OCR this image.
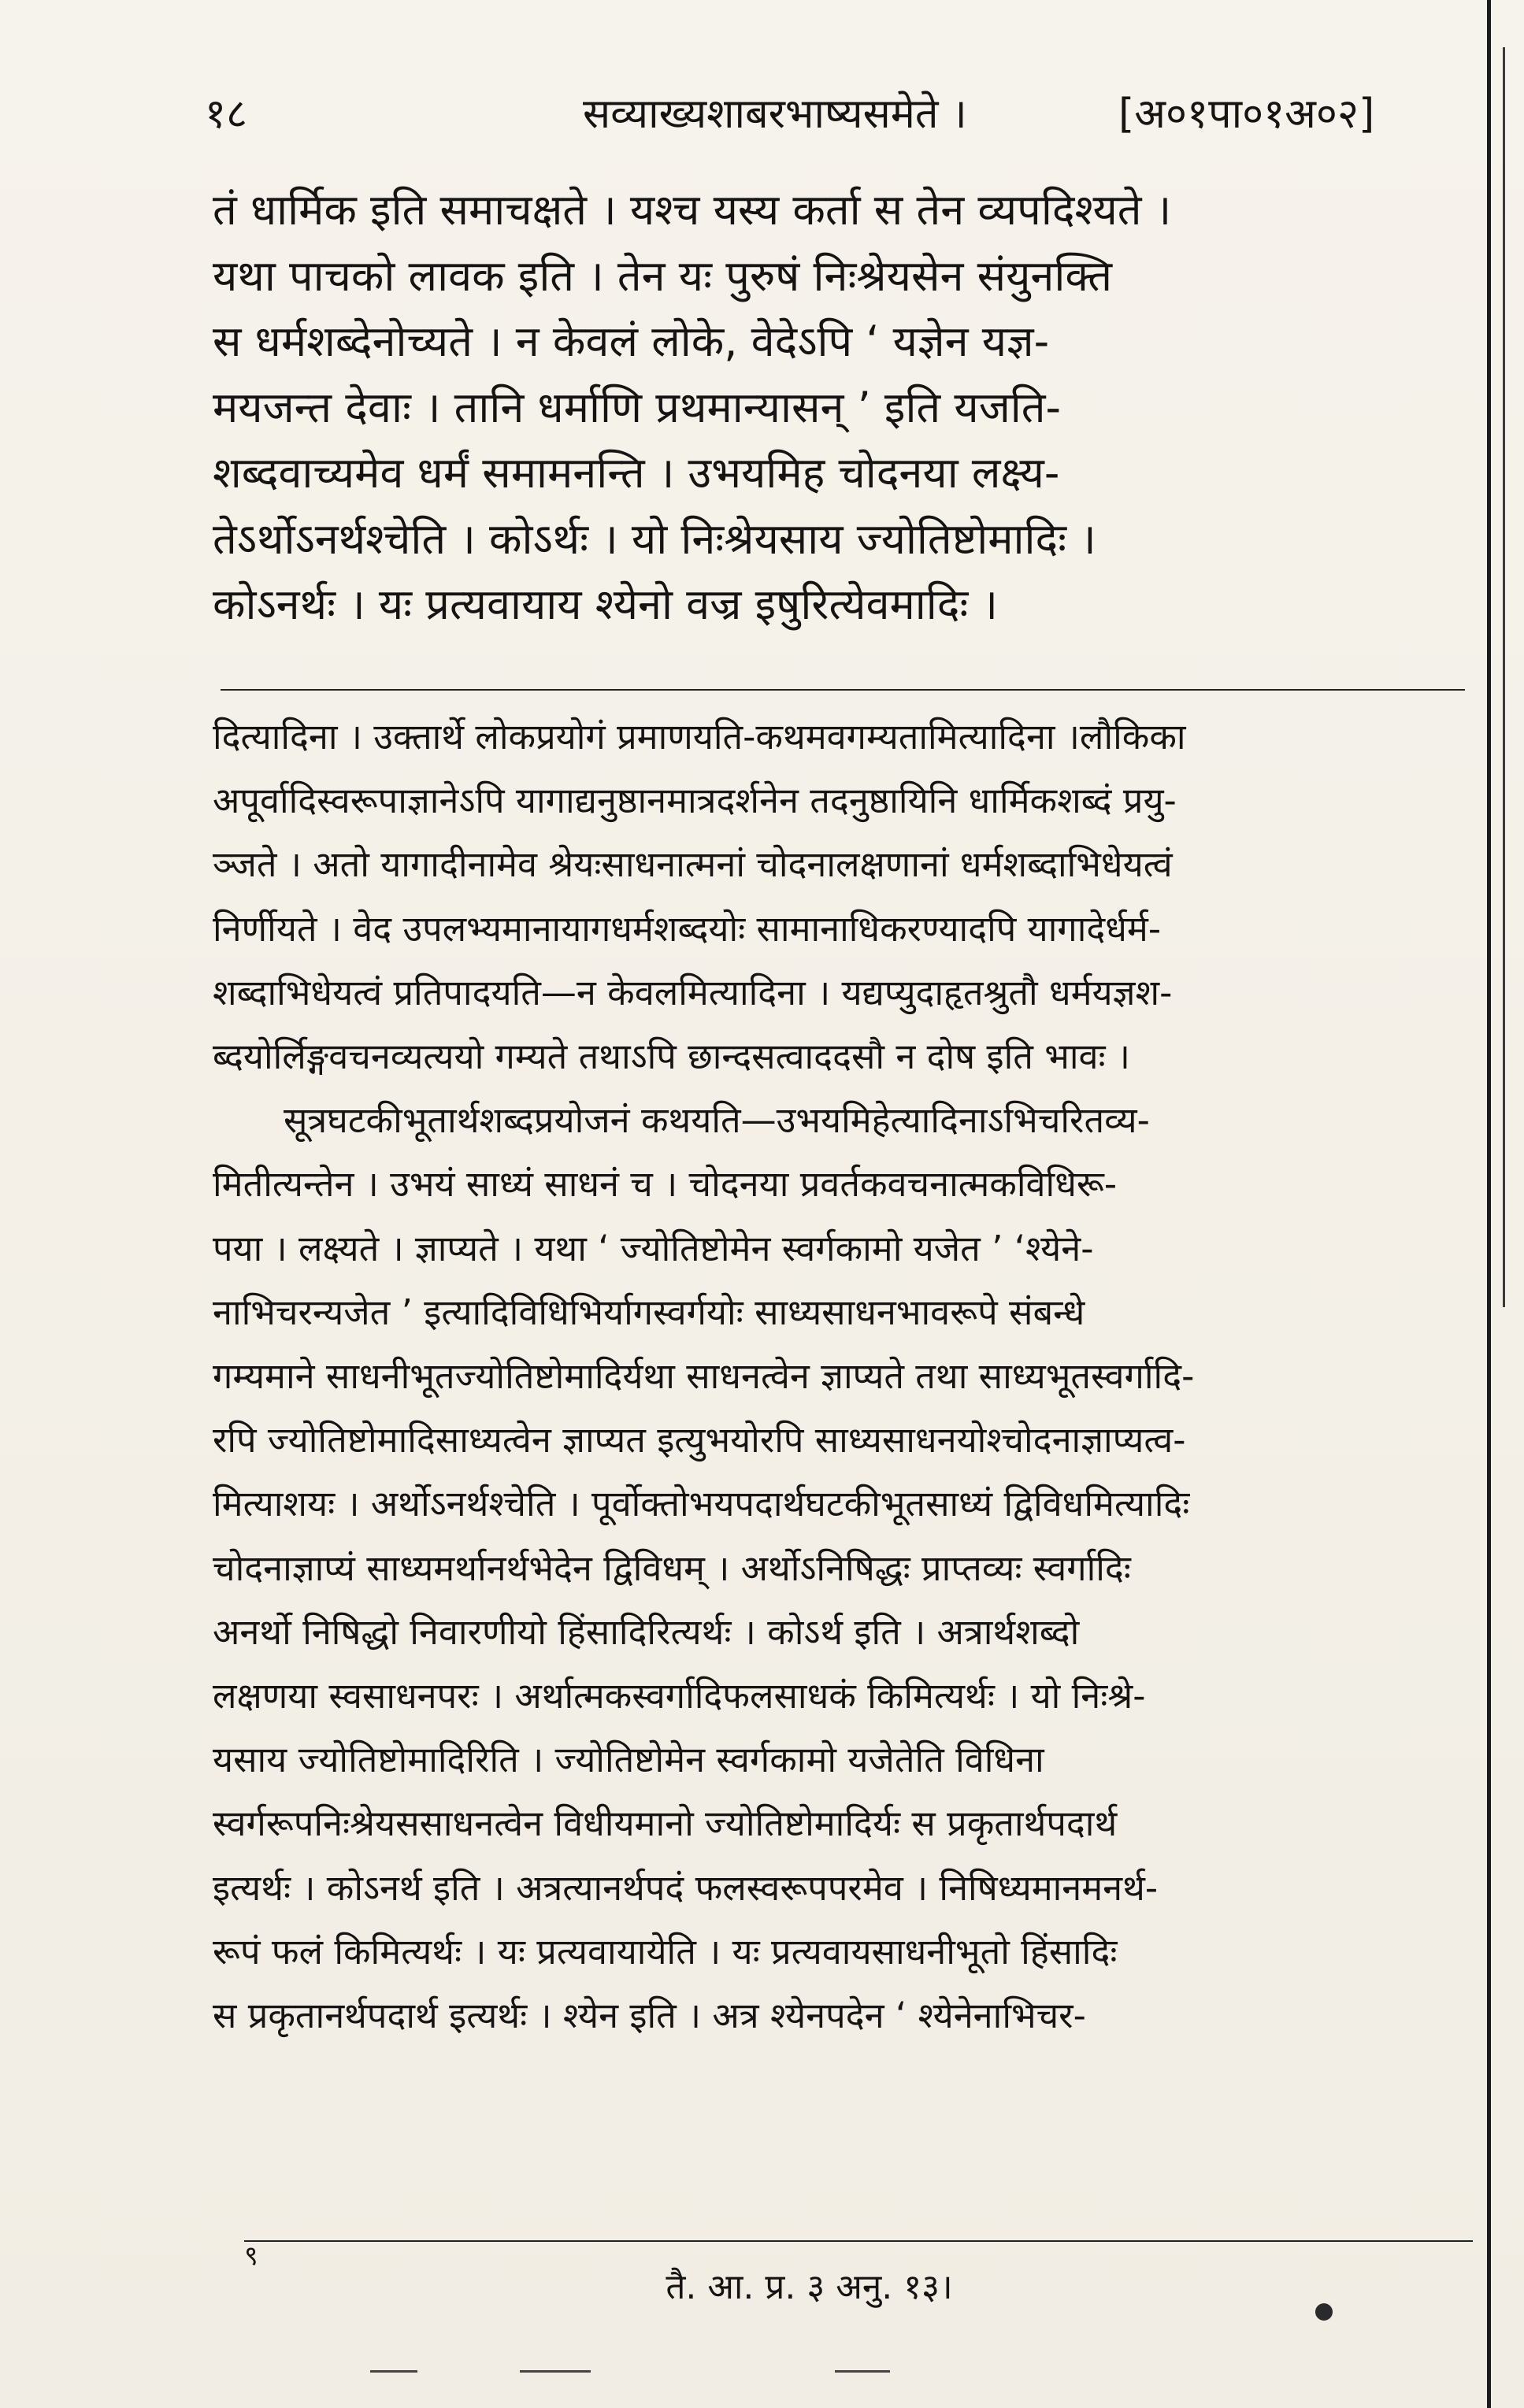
१८	सव्याख्यशाबरभाष्यसमेते ।	[अ०१पा०१अ०२]

तं धार्मिक इति समाचक्षते । यश्च यस्य कर्ता स तेन व्यपदिश्यते ।

यथा पाचको लावक इति । तेन यः पुरुषं निःश्रेयसेन संयुनक्ति

स धर्मशब्देनोच्यते । न केवलं लोके, वेदेऽपि ‘ यज्ञेन यज्ञ-

मयजन्त देवाः । तानि धर्माणि प्रथमान्यासन् ’ इति यजति-

शब्दवाच्यमेव धर्मं समामनन्ति । उभयमिह चोदनया लक्ष्य-

तेऽर्थोऽनर्थश्चेति । कोऽर्थः । यो निःश्रेयसाय ज्योतिष्टोमादिः ।

कोऽनर्थः । यः प्रत्यवायाय श्येनो वज्र इषुरित्येवमादिः ।

दित्यादिना । उक्तार्थे लोकप्रयोगं प्रमाणयति-कथमवगम्यतामित्यादिना ।लौकिका

अपूर्वादिस्वरूपाज्ञानेऽपि यागाद्यनुष्ठानमात्रदर्शनेन तदनुष्ठायिनि धार्मिकशब्दं प्रयु-

ञ्जते । अतो यागादीनामेव श्रेयःसाधनात्मनां चोदनालक्षणानां धर्मशब्दाभिधेयत्वं

निर्णीयते । वेद उपलभ्यमानायागधर्मशब्दयोः सामानाधिकरण्यादपि यागादेर्धर्म-

शब्दाभिधेयत्वं प्रतिपादयति—न केवलमित्यादिना । यद्यप्युदाहृतश्रुतौ धर्मयज्ञश-

ब्दयोर्लिङ्गवचनव्यत्ययो गम्यते तथाऽपि छान्दसत्वाददसौ न दोष इति भावः ।

सूत्रघटकीभूतार्थशब्दप्रयोजनं कथयति—उभयमिहेत्यादिनाऽभिचरितव्य-

मितीत्यन्तेन । उभयं साध्यं साधनं च । चोदनया प्रवर्तकवचनात्मकविधिरू-

पया । लक्ष्यते । ज्ञाप्यते । यथा ‘ ज्योतिष्टोमेन स्वर्गकामो यजेत ’ ‘श्येने-

नाभिचरन्यजेत ’ इत्यादिविधिभिर्यागस्वर्गयोः साध्यसाधनभावरूपे संबन्धे

गम्यमाने साधनीभूतज्योतिष्टोमादिर्यथा साधनत्वेन ज्ञाप्यते तथा साध्यभूतस्वर्गादि-

रपि ज्योतिष्टोमादिसाध्यत्वेन ज्ञाप्यत इत्युभयोरपि साध्यसाधनयोश्चोदनाज्ञाप्यत्व-

मित्याशयः । अर्थोऽनर्थश्चेति । पूर्वोक्तोभयपदार्थघटकीभूतसाध्यं द्विविधमित्यादिः

चोदनाज्ञाप्यं साध्यमर्थानर्थभेदेन द्विविधम् । अर्थोऽनिषिद्धः प्राप्तव्यः स्वर्गादिः

अनर्थो निषिद्धो निवारणीयो हिंसादिरित्यर्थः । कोऽर्थ इति । अत्रार्थशब्दो

लक्षणया स्वसाधनपरः । अर्थात्मकस्वर्गादिफलसाधकं किमित्यर्थः । यो निःश्रे-

यसाय ज्योतिष्टोमादिरिति । ज्योतिष्टोमेन स्वर्गकामो यजेतेति विधिना

स्वर्गरूपनिःश्रेयससाधनत्वेन विधीयमानो ज्योतिष्टोमादिर्यः स प्रकृतार्थपदार्थ

इत्यर्थः । कोऽनर्थ इति । अत्रत्यानर्थपदं फलस्वरूपपरमेव । निषिध्यमानमनर्थ-

रूपं फलं किमित्यर्थः । यः प्रत्यवायायेति । यः प्रत्यवायसाधनीभूतो हिंसादिः

स प्रकृतानर्थपदार्थ इत्यर्थः । श्येन इति । अत्र श्येनपदेन ‘ श्येनेनाभिचर-

९
तै. आ. प्र. ३ अनु. १३।
